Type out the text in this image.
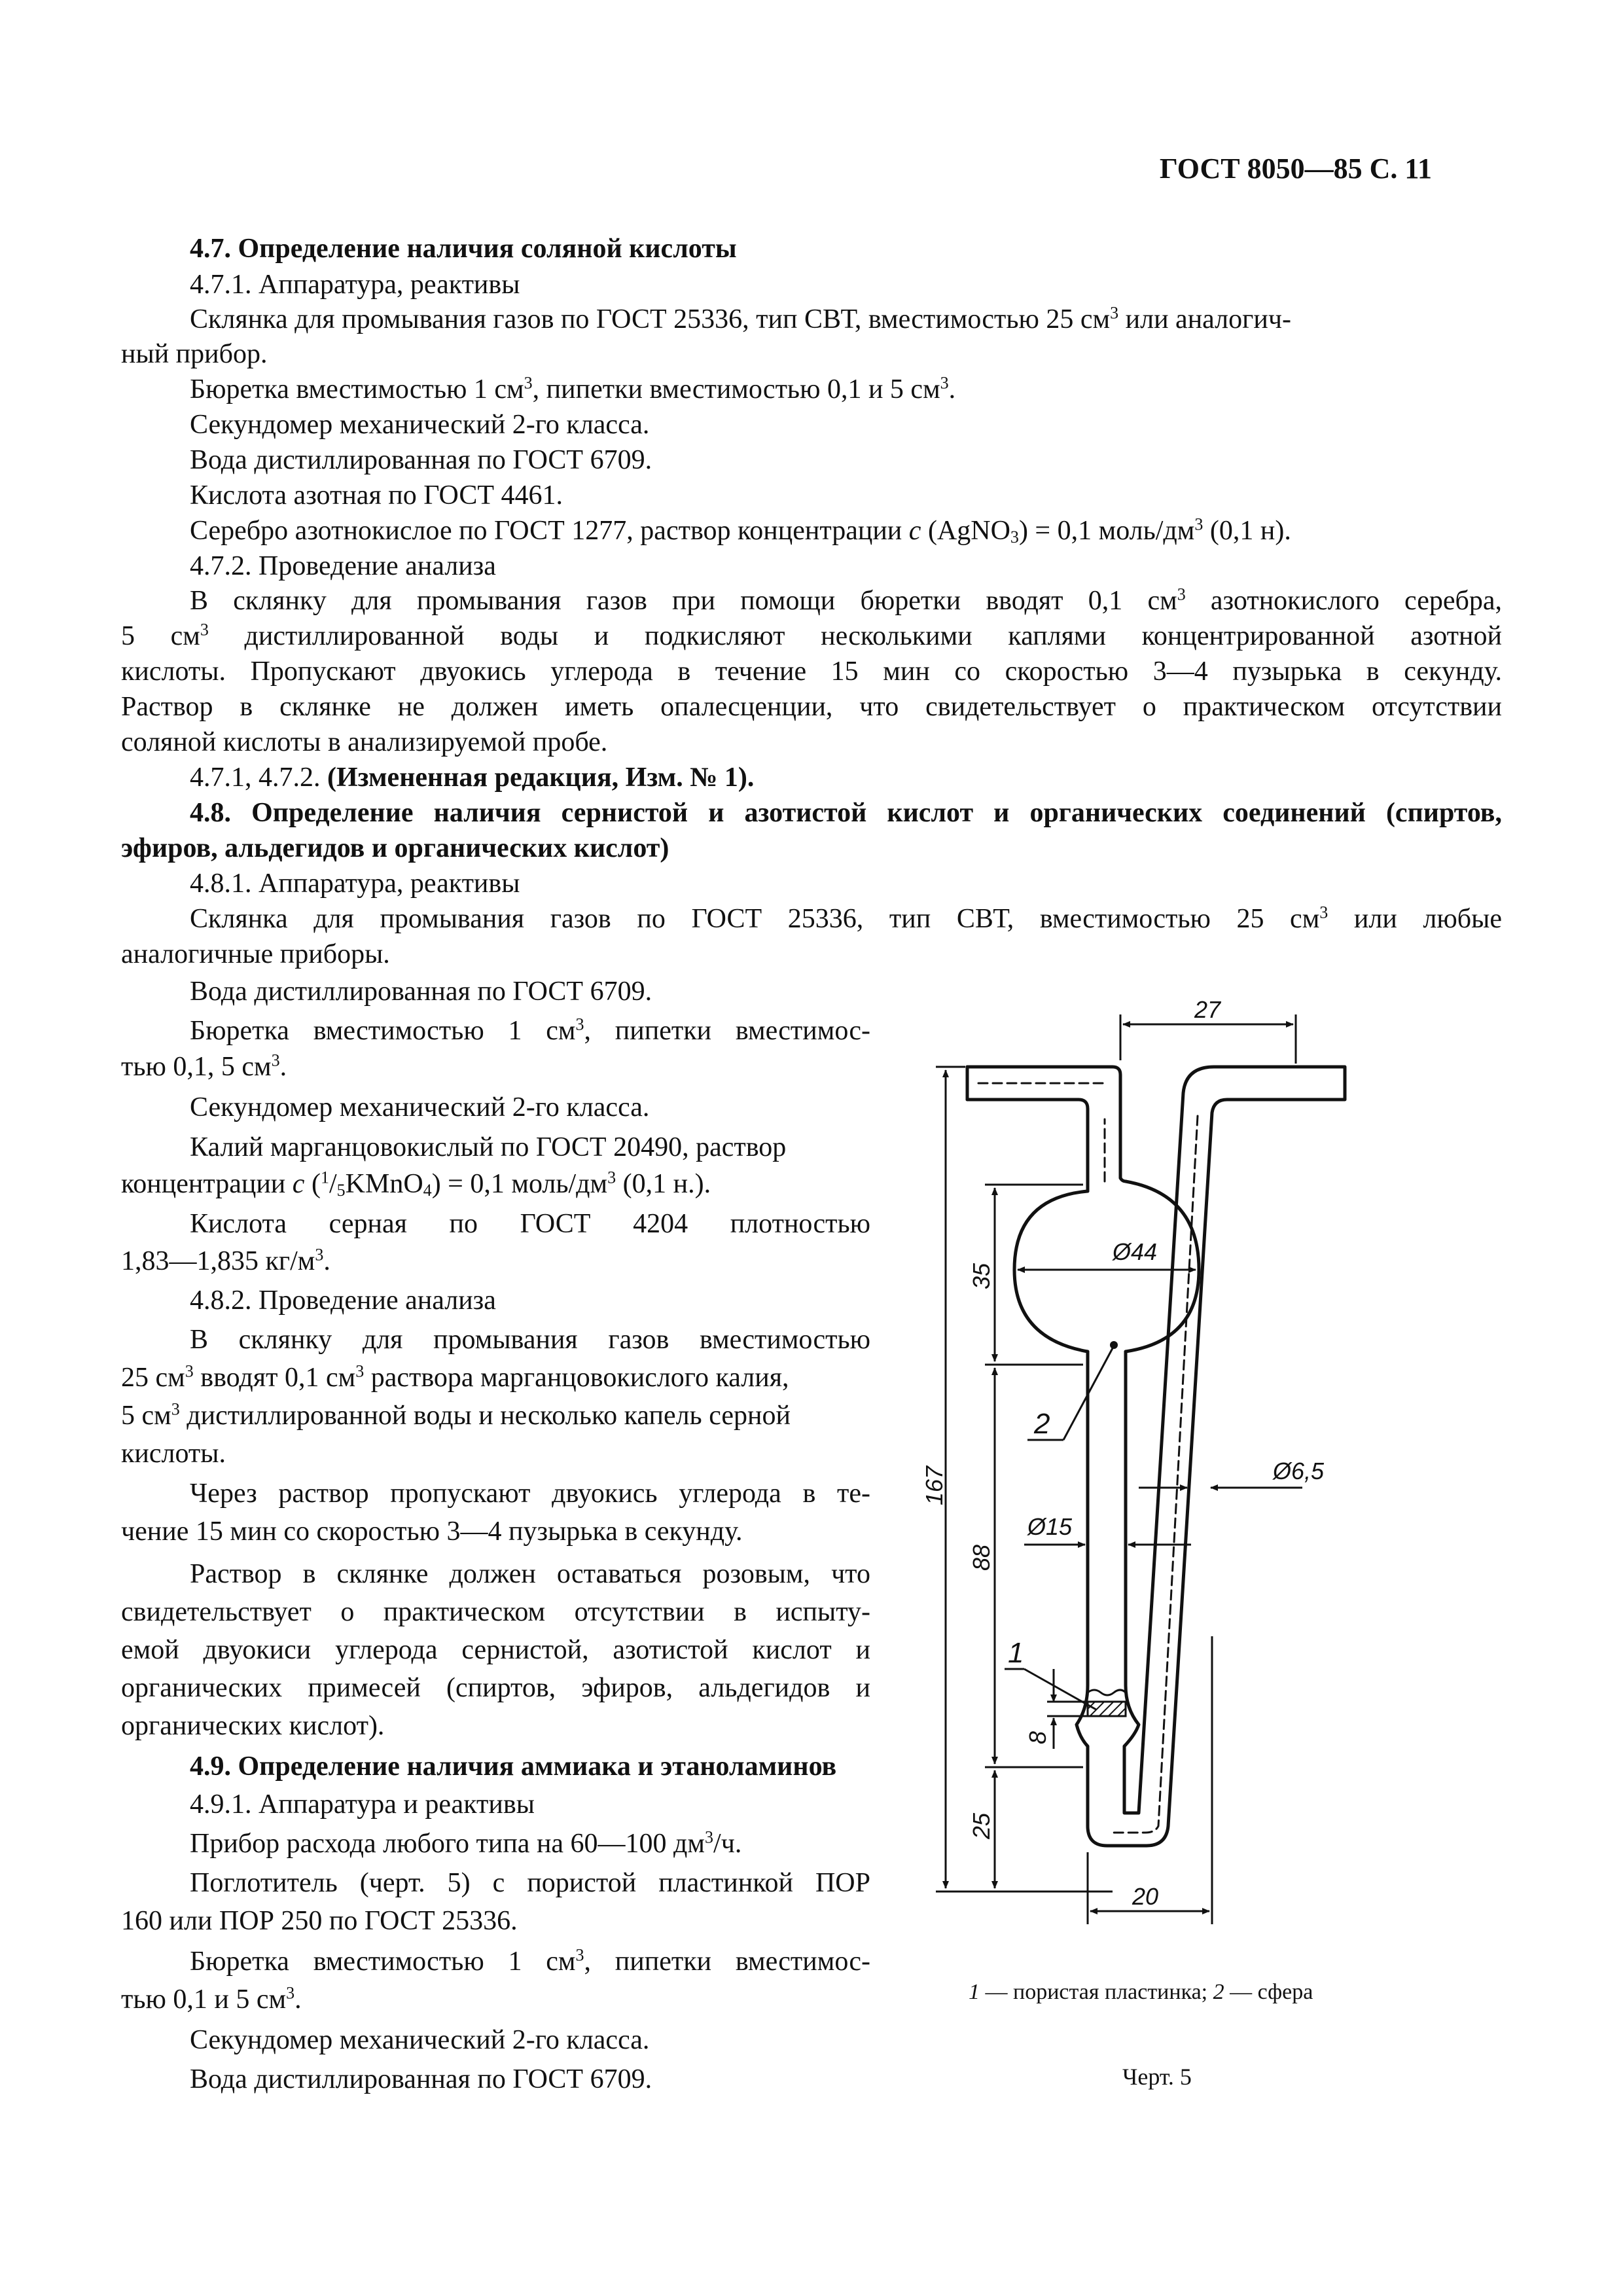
ГОСТ 8050—85 С. 11
4.7. Определение наличия соляной кислоты
4.7.1. Аппаратура, реактивы
Склянка для промывания газов по ГОСТ 25336, тип СВТ, вместимостью 25 $см^3$ или аналогич-
ный прибор.
Бюретка вместимостью 1 $см^3$, пипетки вместимостью 0,1 и 5 $см^3$.
Секундомер механический 2-го класса.
Вода дистиллированная по ГОСТ 6709.
Кислота азотная по ГОСТ 4461.
Серебро азотнокислое по ГОСТ 1277, раствор концентрации c (AgNO$_3$) = 0,1 моль/$дм^3$ (0,1 н).
4.7.2. Проведение анализа
В склянку для промывания газов при помощи бюретки вводят 0,1 $см^3$ азотнокислого серебра,
5 $см^3$ дистиллированной воды и подкисляют несколькими каплями концентрированной азотной
кислоты. Пропускают двуокись углерода в течение 15 мин со скоростью 3—4 пузырька в секунду.
Раствор в склянке не должен иметь опалесценции, что свидетельствует о практическом отсутствии
соляной кислоты в анализируемой пробе.
4.7.1, 4.7.2. (Измененная редакция, Изм. № 1).
4.8. Определение наличия сернистой и азотистой кислот и органических соединений (спиртов,
эфиров, альдегидов и органических кислот)
4.8.1. Аппаратура, реактивы
Склянка для промывания газов по ГОСТ 25336, тип СВТ, вместимостью 25 $см^3$ или любые
аналогичные приборы.
Вода дистиллированная по ГОСТ 6709.
Бюретка вместимостью 1 $см^3$, пипетки вместимос-
тью 0,1, 5 $см^3$.
Секундомер механический 2-го класса.
Калий марганцовокислый по ГОСТ 20490, раствор
концентрации c $(^1/_5KMnO_4) = 0,1$ моль/$дм^3$ (0,1 н.).
Кислота серная по ГОСТ 4204 плотностью
1,83—1,835 $кг/м^3$.
4.8.2. Проведение анализа
В склянку для промывания газов вместимостью
25 $см^3$ вводят 0,1 $см^3$ раствора марганцовокислого калия,
5 $см^3$ дистиллированной воды и несколько капель серной
кислоты.
Через раствор пропускают двуокись углерода в те-
чение 15 мин со скоростью 3—4 пузырька в секунду.
Раствор в склянке должен оставаться розовым, что
свидетельствует о практическом отсутствии в испыту-
емой двуокиси углерода сернистой, азотистой кислот и
органических примесей (спиртов, эфиров, альдегидов и
органических кислот).
4.9. Определение наличия аммиака и этаноламинов
4.9.1. Аппаратура и реактивы
Прибор расхода любого типа на 60—100 $дм^3/ч$.
Поглотитель (черт. 5) с пористой пластинкой ПОР
160 или ПОР 250 по ГОСТ 25336.
Бюретка вместимостью 1 $см^3$, пипетки вместимос-
тью 0,1 и 5 $см^3$.
Секундомер механический 2-го класса.
Вода дистиллированная по ГОСТ 6709.
27
Ø44
Ø6,5
Ø15
20
167
35
88
8
25
2
1
1 — пористая пластинка; 2 — сфера
Черт. 5
